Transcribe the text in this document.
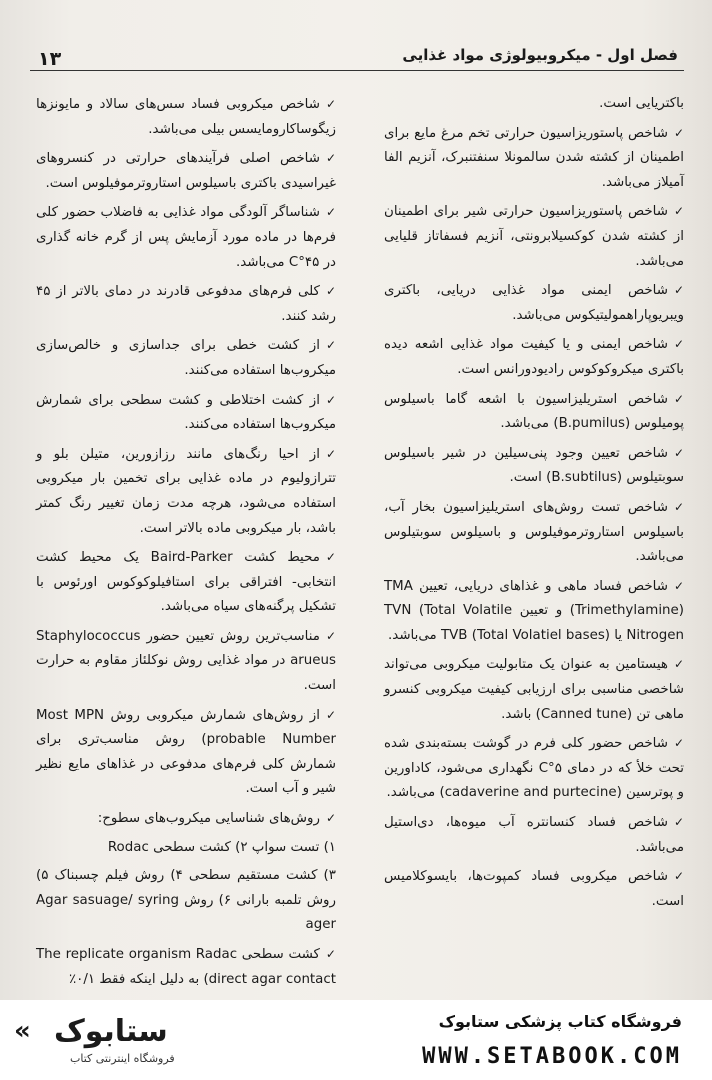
۱۳	فصل اول - میکروبیولوژی مواد غذایی

باکتریایی است.

✓شاخص پاستوریزاسیون حرارتی تخم مرغ مایع برای اطمینان از کشته شدن سالمونلا سنفتنبرک، آنزیم الفا آمیلاز می‌باشد.

✓شاخص پاستوریزاسیون حرارتی شیر برای اطمینان از کشته شدن کوکسیلابرونتی، آنزیم فسفاتاز قلیایی می‌باشد.

✓شاخص ایمنی مواد غذایی دریایی، باکتری ویبریوپاراهمولیتیکوس می‌باشد.

✓شاخص ایمنی و یا کیفیت مواد غذایی اشعه دیده باکتری میکروکوکوس رادیودورانس است.

✓شاخص استریلیزاسیون با اشعه گاما باسیلوس پومیلوس (B.pumilus) می‌باشد.

✓شاخص تعیین وجود پنی‌سیلین در شیر باسیلوس سوبتیلوس (B.subtilus) است.

✓شاخص تست روش‌های استریلیزاسیون بخار آب، باسیلوس استاروترموفیلوس و باسیلوس سوبتیلوس می‌باشد.

✓شاخص فساد ماهی و غذاهای دریایی، تعیین TMA (Trimethylamine) و تعیین TVN (Total Volatile Nitrogen یا TVB (Total Volatiel bases) می‌باشد.

✓هیستامین به عنوان یک متابولیت میکروبی می‌تواند شاخصی مناسبی برای ارزیابی کیفیت میکروبی کنسرو ماهی تن (Canned tune) باشد.

✓شاخص حضور کلی فرم در گوشت بسته‌بندی شده تحت خلأ که در دمای ۵°C نگهداری می‌شود، کاداورین و پوترسین (cadaverine and purtecine) می‌باشد.

✓شاخص فساد کنسانتره آب میوه‌ها، دی‌استیل می‌باشد.

✓شاخص میکروبی فساد کمپوت‌ها، بایسوکلامیس است.

✓شاخص میکروبی فساد سس‌های سالاد و مایونزها زیگوساکارومایسس بیلی می‌باشد.

✓شاخص اصلی فرآیندهای حرارتی در کنسروهای غیراسیدی باکتری باسیلوس استاروترموفیلوس است.

✓شناساگر آلودگی مواد غذایی به فاضلاب حضور کلی فرم‌ها در ماده مورد آزمایش پس از گرم خانه گذاری در ۴۵°C می‌باشد.

✓کلی فرم‌های مدفوعی قادرند در دمای بالاتر از ۴۵ رشد کنند.

✓از کشت خطی برای جداسازی و خالص‌سازی میکروب‌ها استفاده می‌کنند.

✓از کشت اختلاطی و کشت سطحی برای شمارش میکروب‌ها استفاده می‌کنند.

✓از احیا رنگ‌های مانند رزازورین، متیلن بلو و تترازولیوم در ماده غذایی برای تخمین بار میکروبی استفاده می‌شود، هرچه مدت زمان تغییر رنگ کمتر باشد، بار میکروبی ماده بالاتر است.

✓محیط کشت Baird-Parker یک محیط کشت انتخابی- افتراقی برای استافیلوکوکوس اورئوس با تشکیل پرگنه‌های سیاه می‌باشد.

✓مناسب‌ترین روش تعیین حضور Staphylococcus arueus در مواد غذایی روش نوکلئاز مقاوم به حرارت است.

✓از روش‌های شمارش میکروبی روش Most MPN (probable Number روش مناسب‌تری برای شمارش کلی فرم‌های مدفوعی در غذاهای مایع نظیر شیر و آب است.

✓روش‌های شناسایی میکروب‌های سطوح:

۱) تست سواپ ۲) کشت سطحی Rodac

۳) کشت مستقیم سطحی ۴) روش فیلم چسبناک ۵) روش تلمبه بارانی ۶) روش Agar sasuage/ syring ager

✓کشت سطحی The replicate organism Radac (direct agar contact به دلیل اینکه فقط ۰/۱٪

« ستابوک
فروشگاه اینترنتی کتاب
فروشگاه کتاب پزشکی ستابوک
WWW.SETABOOK.COM
